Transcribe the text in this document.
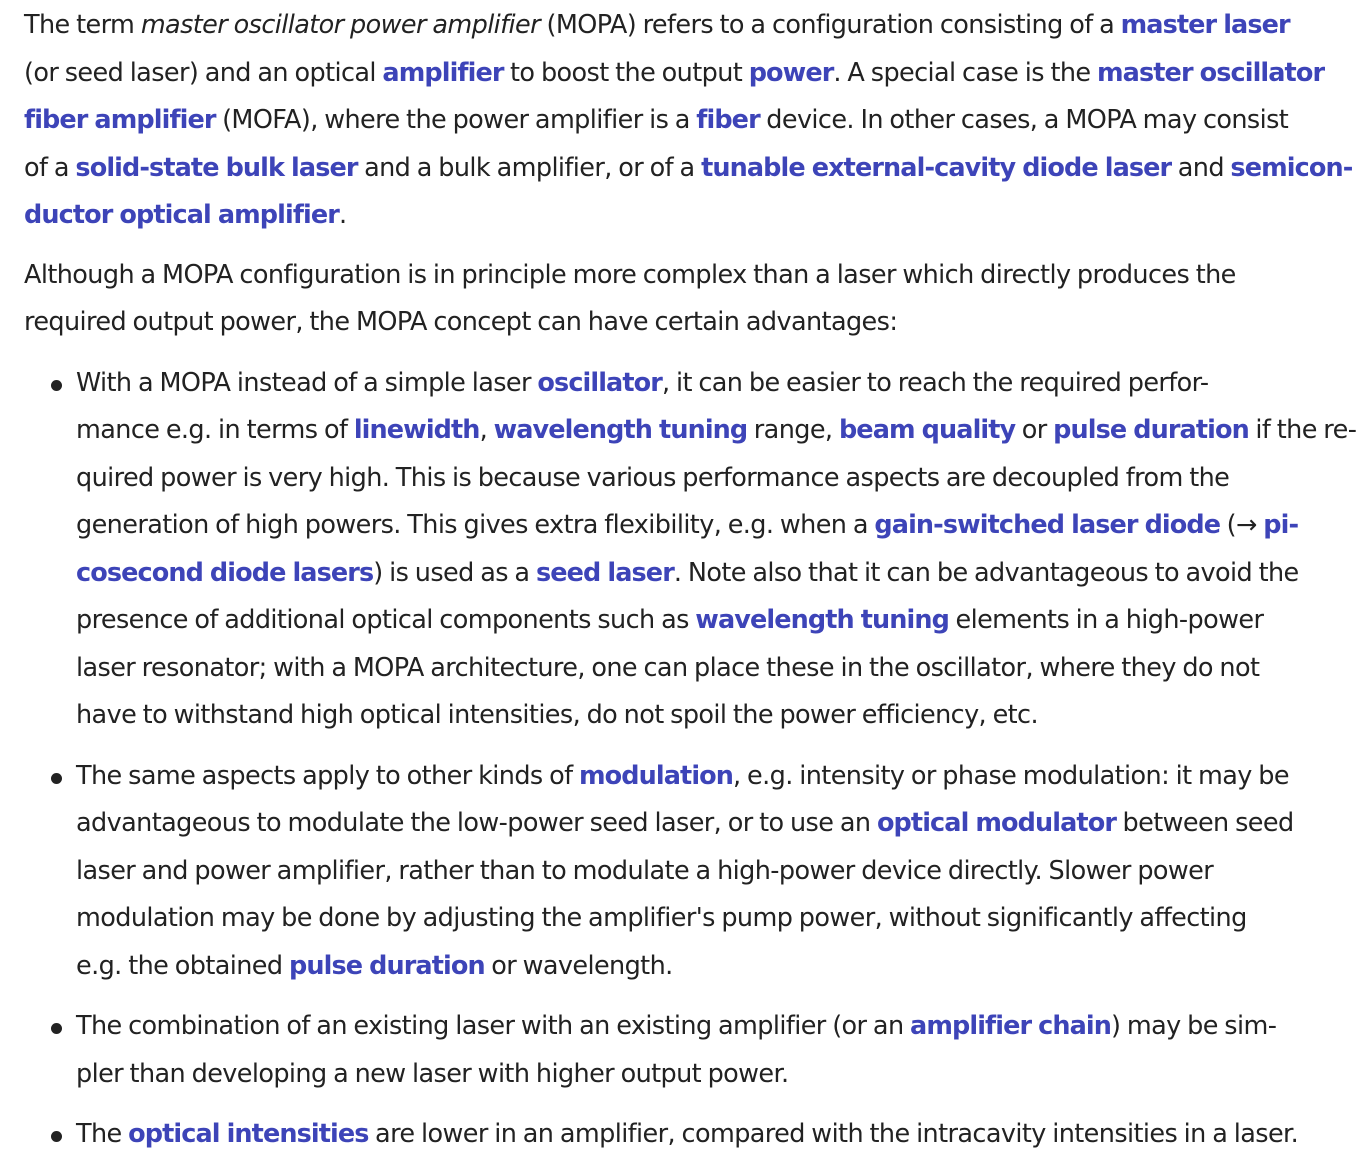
The term master oscillator power amplifier (MOPA) refers to a configuration consisting of a master laser
(or seed laser) and an optical amplifier to boost the output power. A special case is the master oscillator
fiber amplifier (MOFA), where the power amplifier is a fiber device. In other cases, a MOPA may consist
of a solid-state bulk laser and a bulk amplifier, or of a tunable external-cavity diode laser and semicon-
ductor optical amplifier.

Although a MOPA configuration is in principle more complex than a laser which directly produces the
required output power, the MOPA concept can have certain advantages:

With a MOPA instead of a simple laser oscillator, it can be easier to reach the required perfor-
mance e.g. in terms of linewidth, wavelength tuning range, beam quality or pulse duration if the re-
quired power is very high. This is because various performance aspects are decoupled from the
generation of high powers. This gives extra flexibility, e.g. when a gain-switched laser diode (→ pi-
cosecond diode lasers) is used as a seed laser. Note also that it can be advantageous to avoid the
presence of additional optical components such as wavelength tuning elements in a high-power
laser resonator; with a MOPA architecture, one can place these in the oscillator, where they do not
have to withstand high optical intensities, do not spoil the power efficiency, etc.
The same aspects apply to other kinds of modulation, e.g. intensity or phase modulation: it may be
advantageous to modulate the low-power seed laser, or to use an optical modulator between seed
laser and power amplifier, rather than to modulate a high-power device directly. Slower power
modulation may be done by adjusting the amplifier's pump power, without significantly affecting
e.g. the obtained pulse duration or wavelength.
The combination of an existing laser with an existing amplifier (or an amplifier chain) may be sim-
pler than developing a new laser with higher output power.
The optical intensities are lower in an amplifier, compared with the intracavity intensities in a laser.
